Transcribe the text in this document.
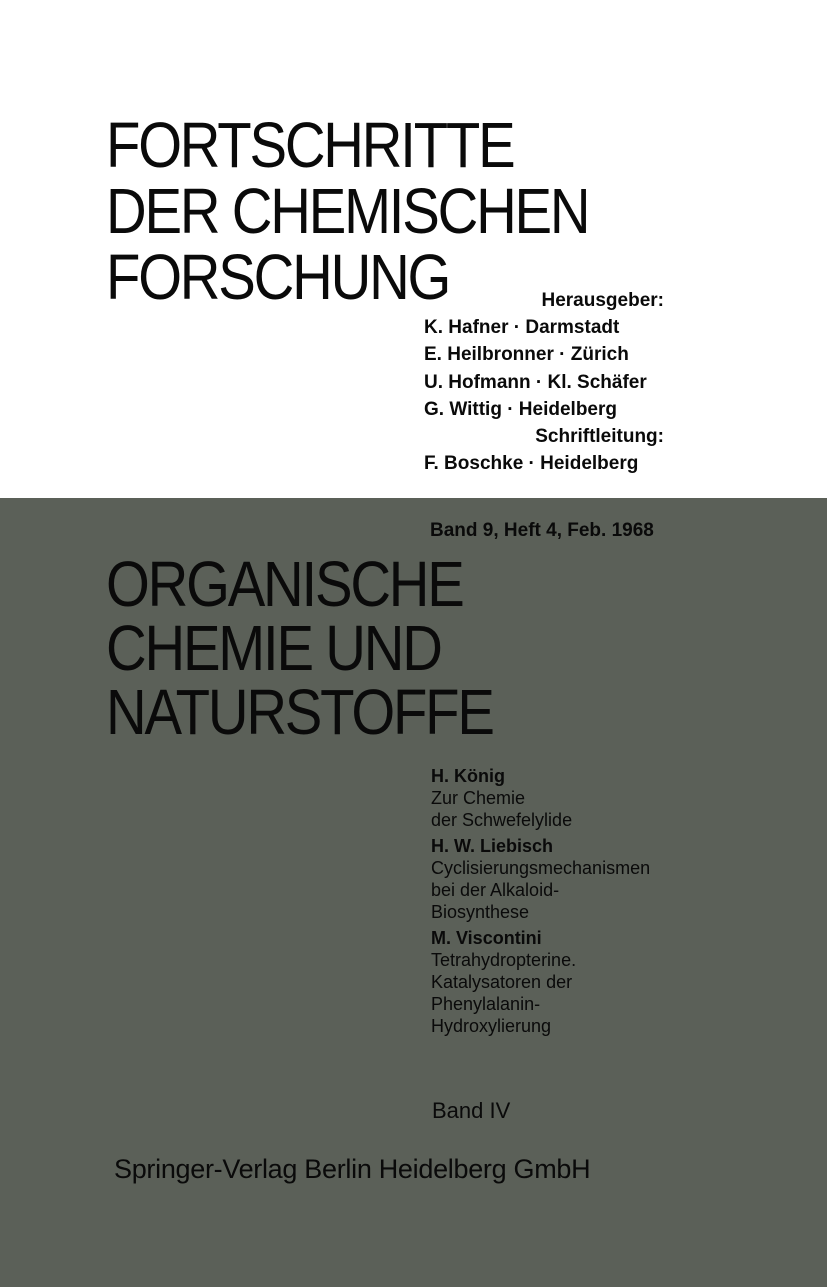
FORTSCHRITTE
DER CHEMISCHEN
FORSCHUNG	Herausgeber:
K. Hafner · Darmstadt
E. Heilbronner · Zürich
U. Hofmann · Kl. Schäfer
G. Wittig · Heidelberg
Schriftleitung:
F. Boschke · Heidelberg
Band 9, Heft 4, Feb. 1968
ORGANISCHE
CHEMIE UND
NATURSTOFFE
H. König
Zur Chemie
der Schwefelylide
H. W. Liebisch
Cyclisierungsmechanismen
bei der Alkaloid-
Biosynthese
M. Viscontini
Tetrahydropterine.
Katalysatoren der
Phenylalanin-
Hydroxylierung
Band IV
Springer-Verlag Berlin Heidelberg GmbH
